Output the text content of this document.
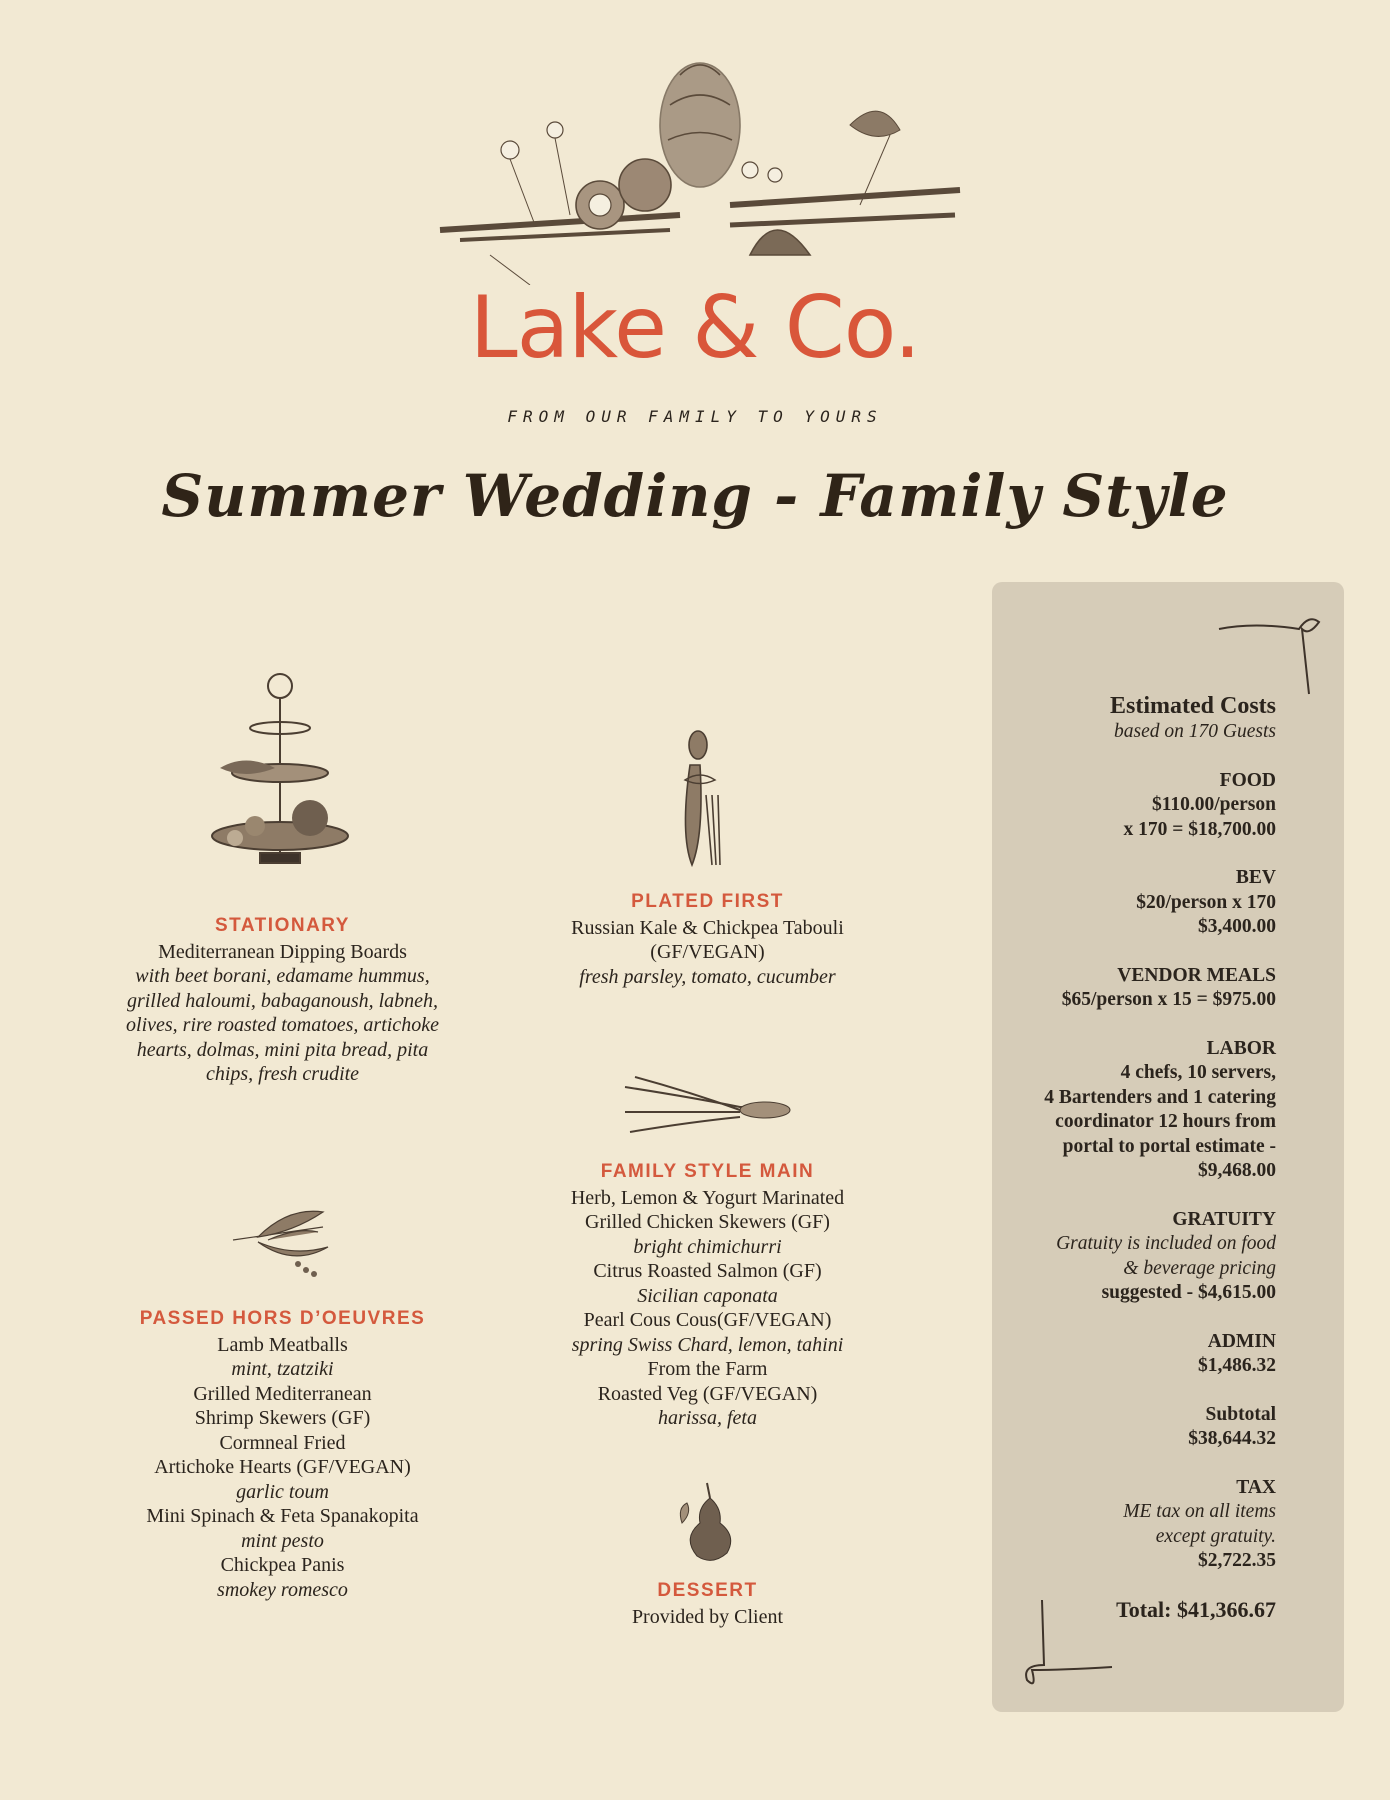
Lake & Co.
FROM OUR FAMILY TO YOURS
Summer Wedding - Family Style
STATIONARY
Mediterranean Dipping Boards
with beet borani, edamame hummus,
grilled haloumi, babaganoush, labneh,
olives, rire roasted tomatoes, artichoke
hearts, dolmas, mini pita bread, pita
chips, fresh crudite
PLATED FIRST
Russian Kale & Chickpea Tabouli
(GF/VEGAN)
fresh parsley, tomato, cucumber
FAMILY STYLE MAIN
Herb, Lemon & Yogurt Marinated
Grilled Chicken Skewers (GF)
bright chimichurri
Citrus Roasted Salmon (GF)
Sicilian caponata
Pearl Cous Cous(GF/VEGAN)
spring Swiss Chard, lemon, tahini
From the Farm
Roasted Veg (GF/VEGAN)
harissa, feta
PASSED HORS D’OEUVRES
Lamb Meatballs
mint, tzatziki
Grilled Mediterranean
Shrimp Skewers (GF)
Cormneal Fried
Artichoke Hearts (GF/VEGAN)
garlic toum
Mini Spinach & Feta Spanakopita
mint pesto
Chickpea Panis
smokey romesco	DESSERT
Provided by Client
Estimated Costs
based on 170 Guests
FOOD
$110.00/person
x 170 = $18,700.00
BEV
$20/person x 170
$3,400.00
VENDOR MEALS
$65/person x 15 = $975.00
LABOR
4 chefs, 10 servers,
4 Bartenders and 1 catering
coordinator 12 hours from
portal to portal estimate -
$9,468.00
GRATUITY
Gratuity is included on food
& beverage pricing
suggested - $4,615.00
ADMIN
$1,486.32
Subtotal
$38,644.32
TAX
ME tax on all items
except gratuity.
$2,722.35
Total: $41,366.67
